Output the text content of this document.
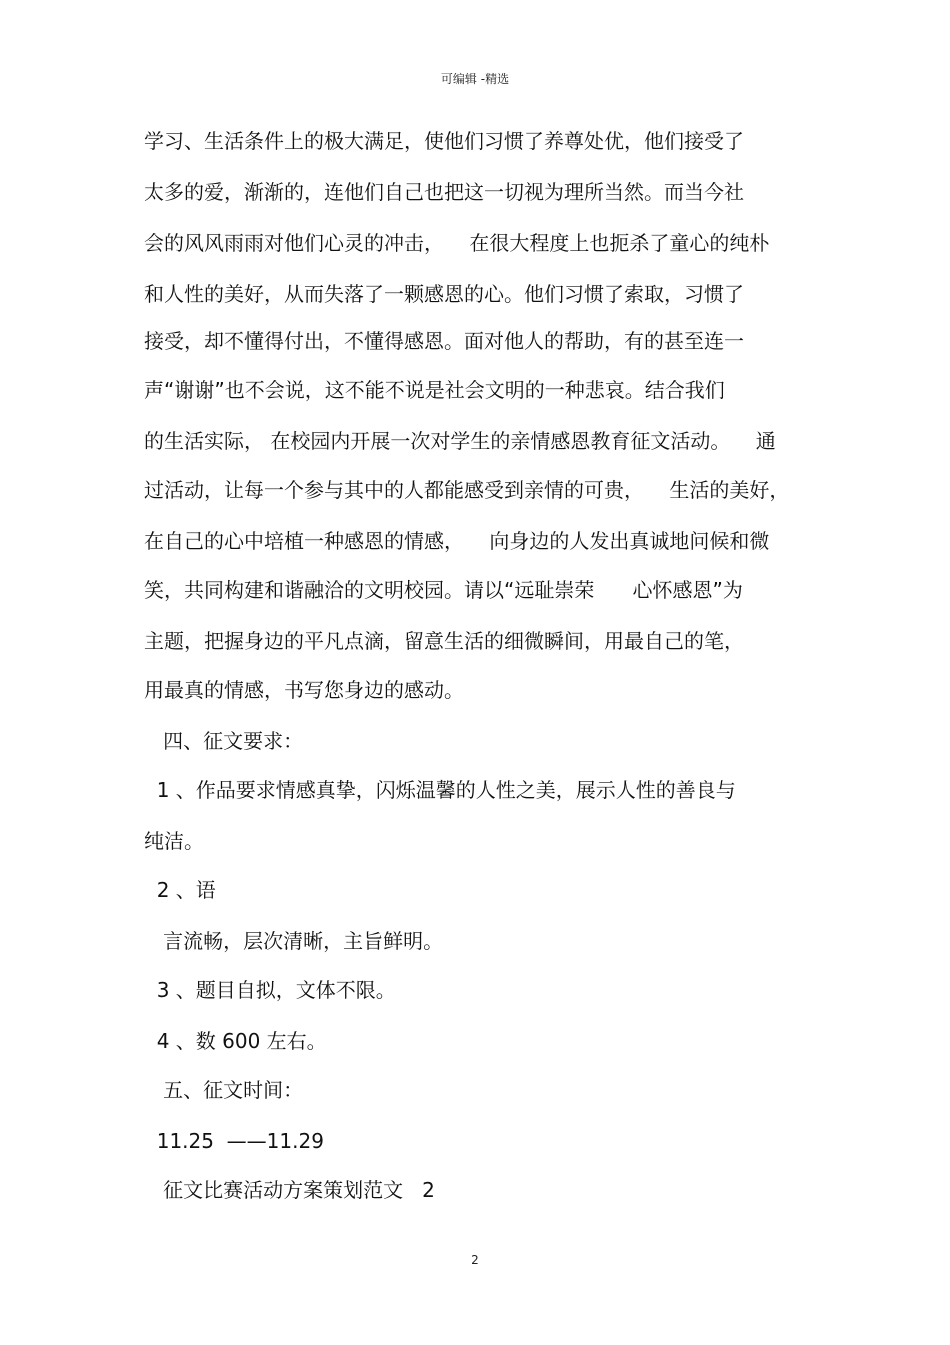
可编辑 -精选
学习、生活条件上的极大满足，使他们习惯了养尊处优，他们接受了
太多的爱，渐渐的，连他们自己也把这一切视为理所当然。而当今社
会的风风雨雨对他们心灵的冲击，    在很大程度上也扼杀了童心的纯朴
和人性的美好，从而失落了一颗感恩的心。他们习惯了索取，习惯了
接受，却不懂得付出，不懂得感恩。面对他人的帮助，有的甚至连一
声“谢谢”也不会说，这不能不说是社会文明的一种悲哀。结合我们
的生活实际， 在校园内开展一次对学生的亲情感恩教育征文活动。    通
过活动，让每一个参与其中的人都能感受到亲情的可贵，    生活的美好，
在自己的心中培植一种感恩的情感，    向身边的人发出真诚地问候和微
笑，共同构建和谐融洽的文明校园。请以“远耻崇荣      心怀感恩”为
主题，把握身边的平凡点滴，留意生活的细微瞬间，用最自己的笔，
用最真的情感，书写您身边的感动。
四、征文要求：
1 、作品要求情感真挚，闪烁温馨的人性之美，展示人性的善良与
纯洁。
2 、语
言流畅，层次清晰，主旨鲜明。
3 、题目自拟，文体不限。
4 、数 600 左右。
五、征文时间：
11.25  ——11.29
征文比赛活动方案策划范文   2
2
